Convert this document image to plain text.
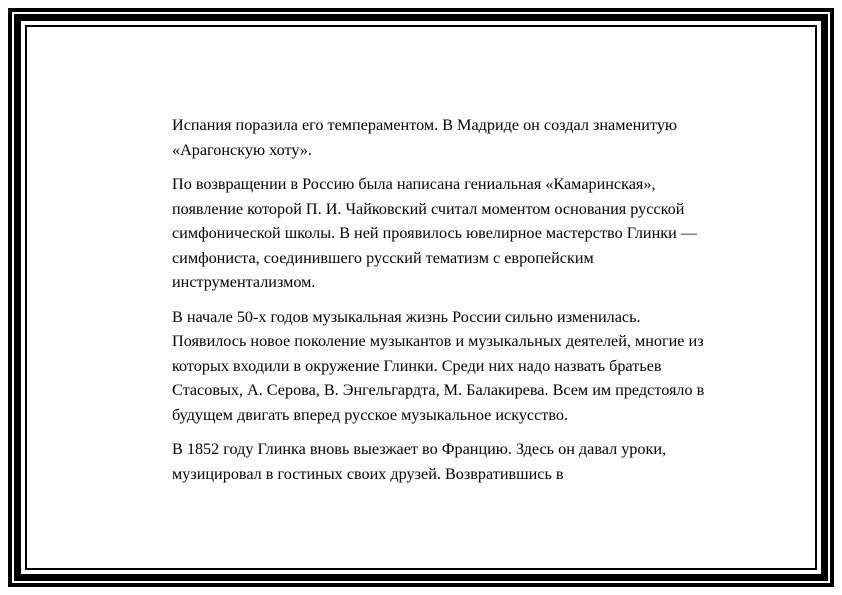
Испания поразила его темпераментом. В Мадриде он создал знаменитую «Арагонскую хоту».

По возвращении в Россию была написана гениальная «Камаринская», появление которой П. И. Чайковский считал моментом основания русской симфонической школы. В ней проявилось ювелирное мастерство Глинки — симфониста, соединившего русский тематизм с европейским инструментализмом.

В начале 50-х годов музыкальная жизнь России сильно изменилась. Появилось новое поколение музыкантов и музыкальных деятелей, многие из которых входили в окружение Глинки. Среди них надо назвать братьев Стасовых, А. Серова, В. Энгельгардта, М. Балакирева. Всем им предстояло в будущем двигать вперед русское музыкальное искусство.

В 1852 году Глинка вновь выезжает во Францию. Здесь он давал уроки, музицировал в гостиных своих друзей. Возвратившись в
